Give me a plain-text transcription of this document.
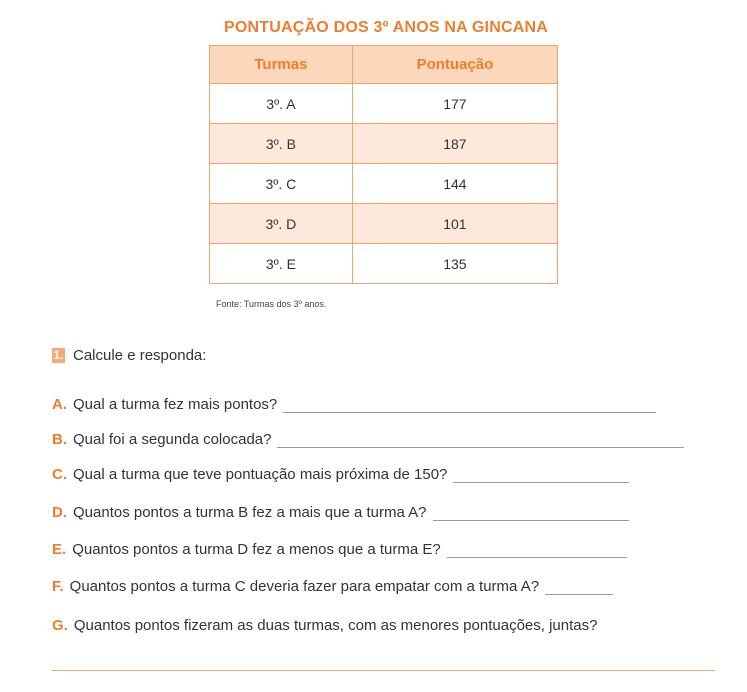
PONTUAÇÃO DOS 3º ANOS NA GINCANA
Turmas	Pontuação
3º. A	177
3º. B	187
3º. C	144
3º. D	101
3º. E	135
Fonte: Turmas dos 3º anos.
1. Calcule e responda:
A. Qual a turma fez mais pontos?
B. Qual foi a segunda colocada?
C. Qual a turma que teve pontuação mais próxima de 150?
D. Quantos pontos a turma B fez a mais que a turma A?
E. Quantos pontos a turma D fez a menos que a turma E?
F. Quantos pontos a turma C deveria fazer para empatar com a turma A?
G. Quantos pontos fizeram as duas turmas, com as menores pontuações, juntas?
